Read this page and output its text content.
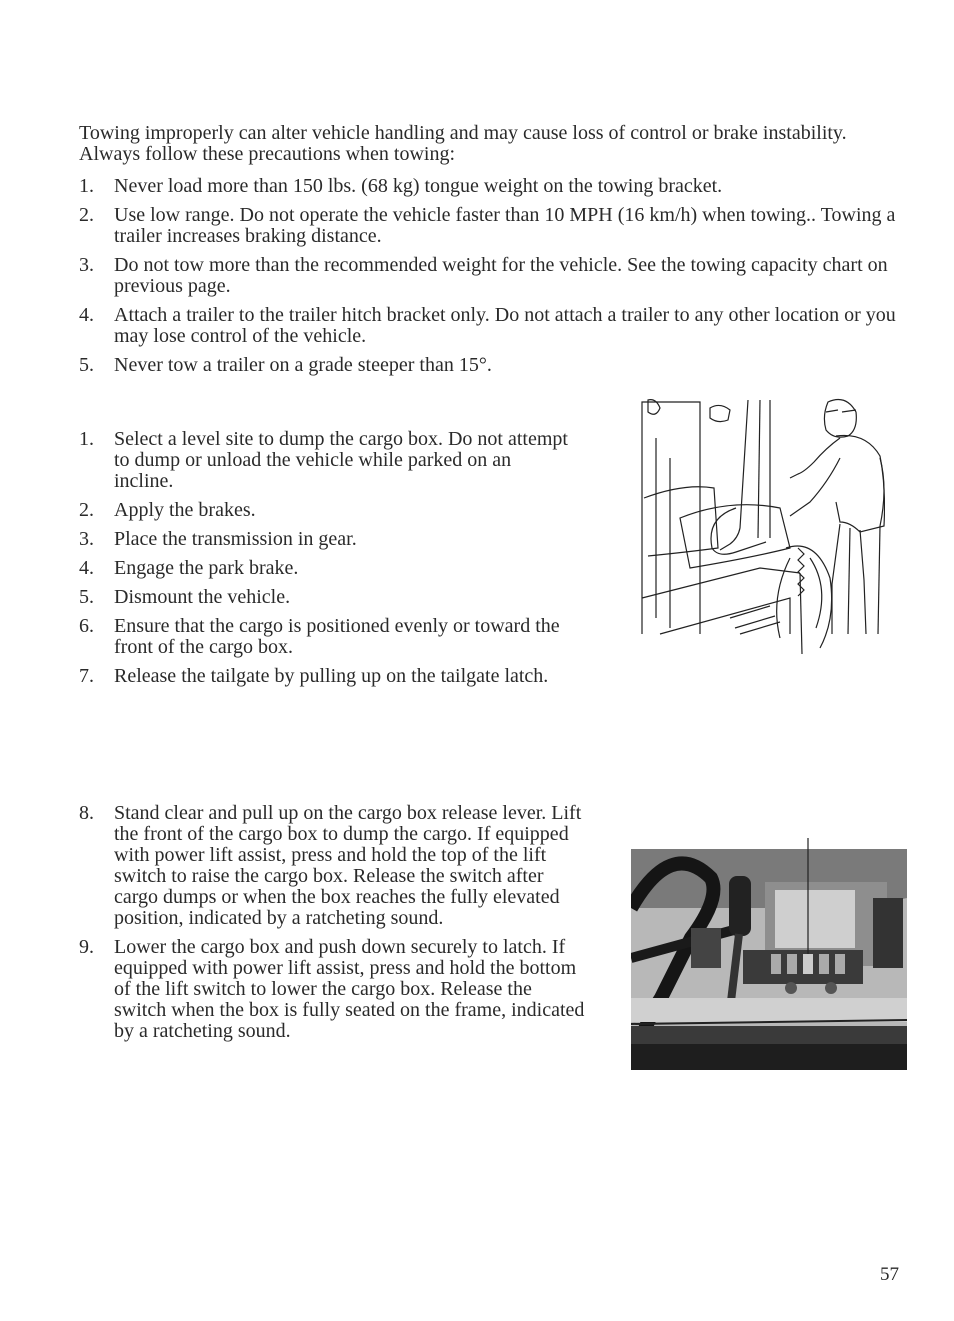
Towing improperly can alter vehicle handling and may cause loss of control or brake instability. Always follow these precautions when towing:
1. Never load more than 150 lbs. (68 kg) tongue weight on the towing bracket.
2. Use low range. Do not operate the vehicle faster than 10 MPH (16 km/h) when towing.. Towing a trailer increases braking distance.
3. Do not tow more than the recommended weight for the vehicle. See the towing capacity chart on previous page.
4. Attach a trailer to the trailer hitch bracket only. Do not attach a trailer to any other location or you may lose control of the vehicle.
5. Never tow a trailer on a grade steeper than 15°.
1. Select a level site to dump the cargo box. Do not attempt to dump or unload the vehicle while parked on an incline.
2. Apply the brakes.
3. Place the transmission in gear.
4. Engage the park brake.
5. Dismount the vehicle.
6. Ensure that the cargo is positioned evenly or toward the front of the cargo box.
7. Release the tailgate by pulling up on the tailgate latch.
8. Stand clear and pull up on the cargo box release lever. Lift the front of the cargo box to dump the cargo. If equipped with power lift assist, press and hold the top of the lift switch to raise the cargo box. Release the switch after cargo dumps or when the box reaches the fully elevated position, indicated by a ratcheting sound.
9. Lower the cargo box and push down securely to latch. If equipped with power lift assist, press and hold the bottom of the lift switch to lower the cargo box. Release the switch when the box is fully seated on the frame, indicated by a ratcheting sound.
57
